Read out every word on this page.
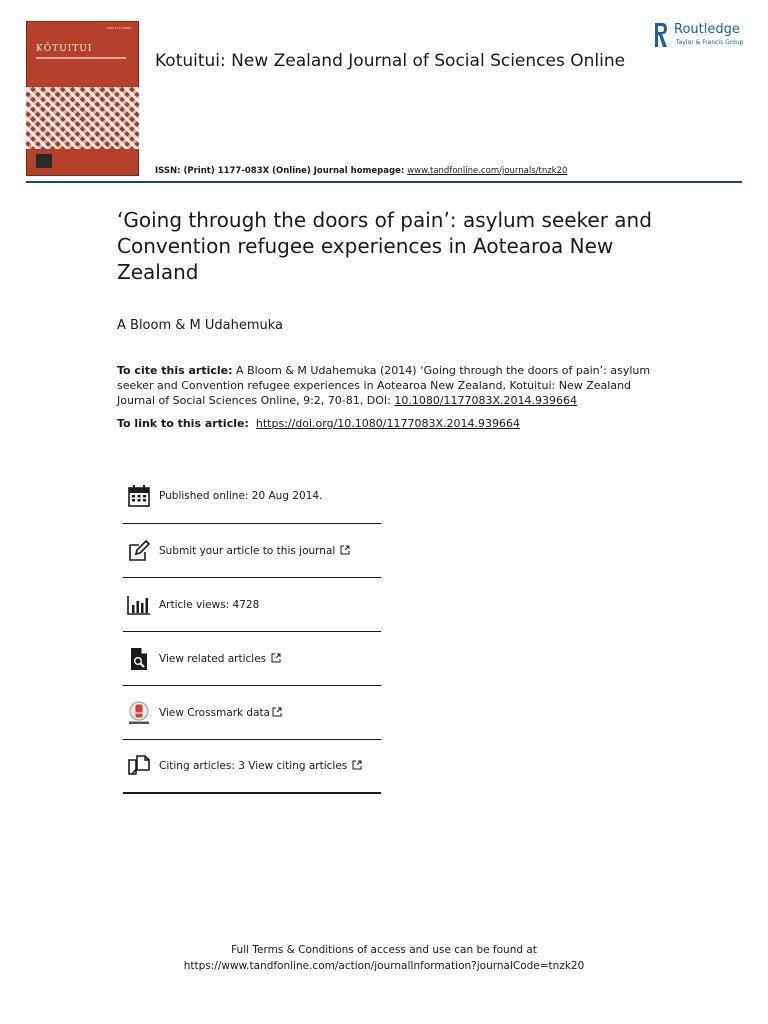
ISSN 1177-083X
KŌTUITUI
Kotuitui: New Zealand Journal of Social Sciences Online
Routledge
Taylor & Francis Group
ISSN: (Print) 1177-083X (Online) Journal homepage: www.tandfonline.com/journals/tnzk20
‘Going through the doors of pain’: asylum seeker and Convention refugee experiences in Aotearoa New Zealand
A Bloom & M Udahemuka
To cite this article: A Bloom & M Udahemuka (2014) ‘Going through the doors of pain’: asylum seeker and Convention refugee experiences in Aotearoa New Zealand, Kotuitui: New Zealand Journal of Social Sciences Online, 9:2, 70-81, DOI: 10.1080/1177083X.2014.939664
To link to this article: https://doi.org/10.1080/1177083X.2014.939664
Published online: 20 Aug 2014.
Submit your article to this journal
Article views: 4728
View related articles
View Crossmark data
Citing articles: 3 View citing articles
Full Terms & Conditions of access and use can be found at
https://www.tandfonline.com/action/journalInformation?journalCode=tnzk20
